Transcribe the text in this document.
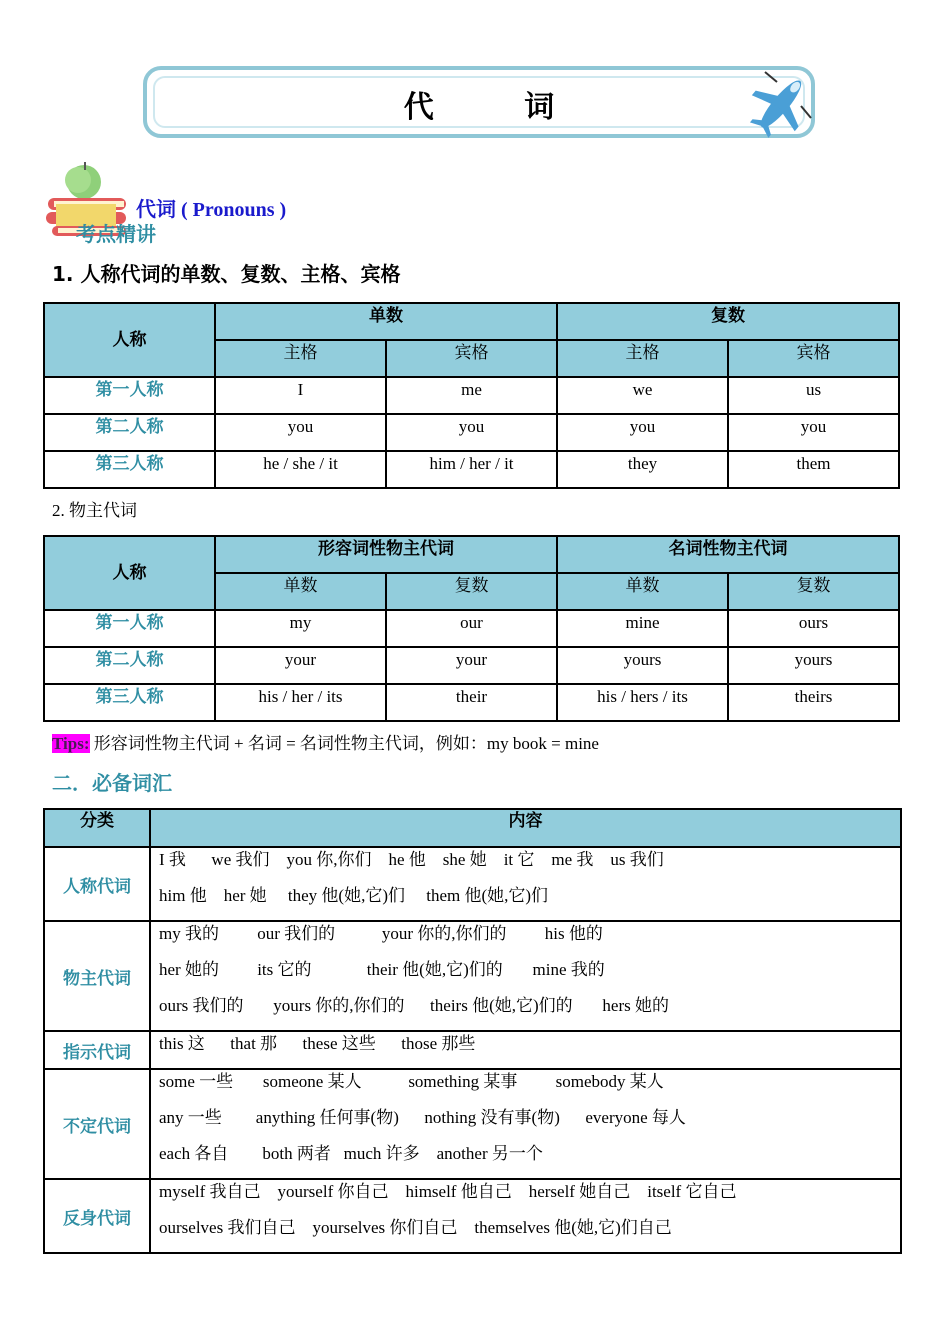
代 词
代词 ( Pronouns )
考点精讲
1. 人称代词的单数、复数、主格、宾格
人称	单数		复数	
	主格	宾格	主格	宾格
第一人称	I	me	we	us
第二人称	you	you	you	you
第三人称	he / she / it	him / her / it	they	them
2. 物主代词
人称	形容词性物主代词		名词性物主代词	
	单数	复数	单数	复数
第一人称	my	our	mine	ours
第二人称	your	your	yours	yours
第三人称	his / her / its	their	his / hers / its	theirs
Tips: 形容词性物主代词 + 名词 = 名词性物主代词，例如：my book = mine
二．必备词汇
分类	内容
人称代词	I 我      we 我们    you 你,你们    he 他    she 她    it 它    me 我    us 我们
him 他    her 她     they 他(她,它)们     them 他(她,它)们

物主代词	my 我的         our 我们的           your 你的,你们的         his 他的
her 她的         its 它的             their 他(她,它)们的       mine 我的
ours 我们的       yours 你的,你们的      theirs 他(她,它)们的       hers 她的

指示代词	this 这      that 那      these 这些      those 那些

不定代词	some 一些       someone 某人           something 某事         somebody 某人
any 一些        anything 任何事(物)      nothing 没有事(物)      everyone 每人
each 各自        both 两者   much 许多    another 另一个

反身代词	myself 我自己    yourself 你自己    himself 他自己    herself 她自己    itself 它自己
ourselves 我们自己    yourselves 你们自己    themselves 他(她,它)们自己
